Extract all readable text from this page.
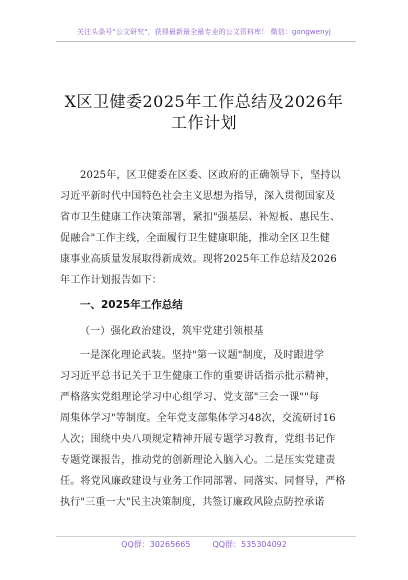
关注头条号"公文研究"，获得最新最全最专业的公文资料库！ 微信：gongwenyj
X区卫健委2025年工作总结及2026年
工作计划
2025年，区卫健委在区委、区政府的正确领导下，坚持以
习近平新时代中国特色社会主义思想为指导，深入贯彻国家及
省市卫生健康工作决策部署，紧扣"强基层、补短板、惠民生、
促融合"工作主线，全面履行卫生健康职能，推动全区卫生健
康事业高质量发展取得新成效。现将2025年工作总结及2026
年工作计划报告如下：
一、2025年工作总结
（一）强化政治建设，筑牢党建引领根基
一是深化理论武装。坚持"第一议题"制度，及时跟进学
习习近平总书记关于卫生健康工作的重要讲话指示批示精神，
严格落实党组理论学习中心组学习、党支部"三会一课""每
周集体学习"等制度。全年党支部集体学习48次，交流研讨16
人次；围绕中央八项规定精神开展专题学习教育，党组书记作
专题党课报告，推动党的创新理论入脑入心。二是压实党建责
任。将党风廉政建设与业务工作同部署、同落实、同督导，严格
执行"三重一大"民主决策制度，共签订廉政风险点防控承诺
QQ群：30265665	QQ群：535304092
